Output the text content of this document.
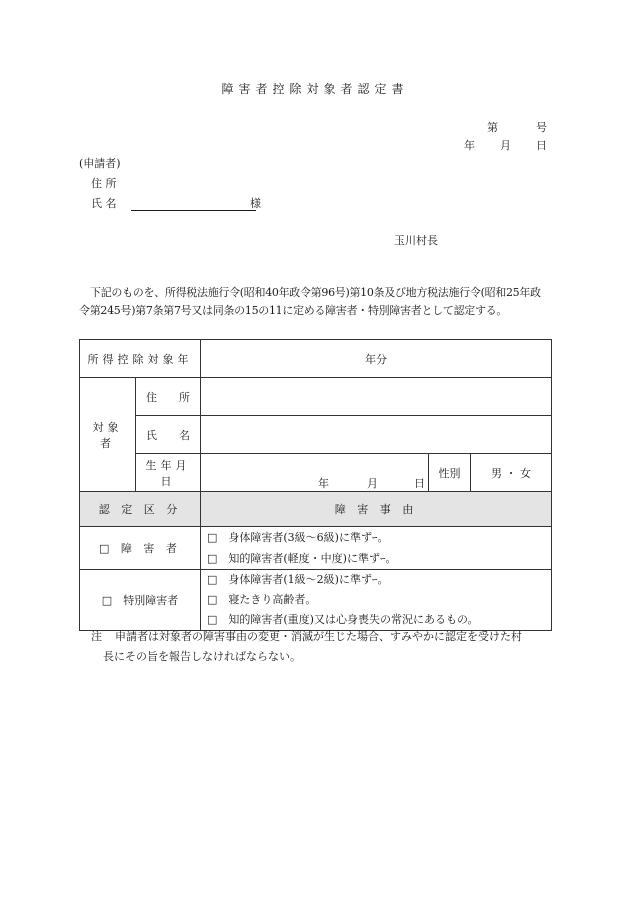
障害者控除対象者認定書
第	号
年 月 日
(申請者)
住 所
氏 名	様
玉川村長
下記のものを、所得税法施行令(昭和40年政令第96号)第10条及び地方税法施行令(昭和25年政令第245号)第7条第7号又は同条の15の11に定める障害者・特別障害者として認定する。
所得控除対象年		年分		
対象者	住　　所			
	氏　　名			
	生年月日	年 月 日	性別	男 ・ 女
認 定 区 分		障 害 事 由		
□ 障 害 者		□　身体障害者(3級～6級)に準ずｰ。
□　知的障害者(軽度・中度)に準ずｰ。		

□　特別障害者		□　身体障害者(1級～2級)に準ずｰ。
□　寝たきり高齢者。
□　知的障害者(重度)又は心身喪失の常況にあるもの。		
注 申請者は対象者の障害事由の変更・消滅が生じた場合、すみやかに認定を受けた村
長にその旨を報告しなければならない。
